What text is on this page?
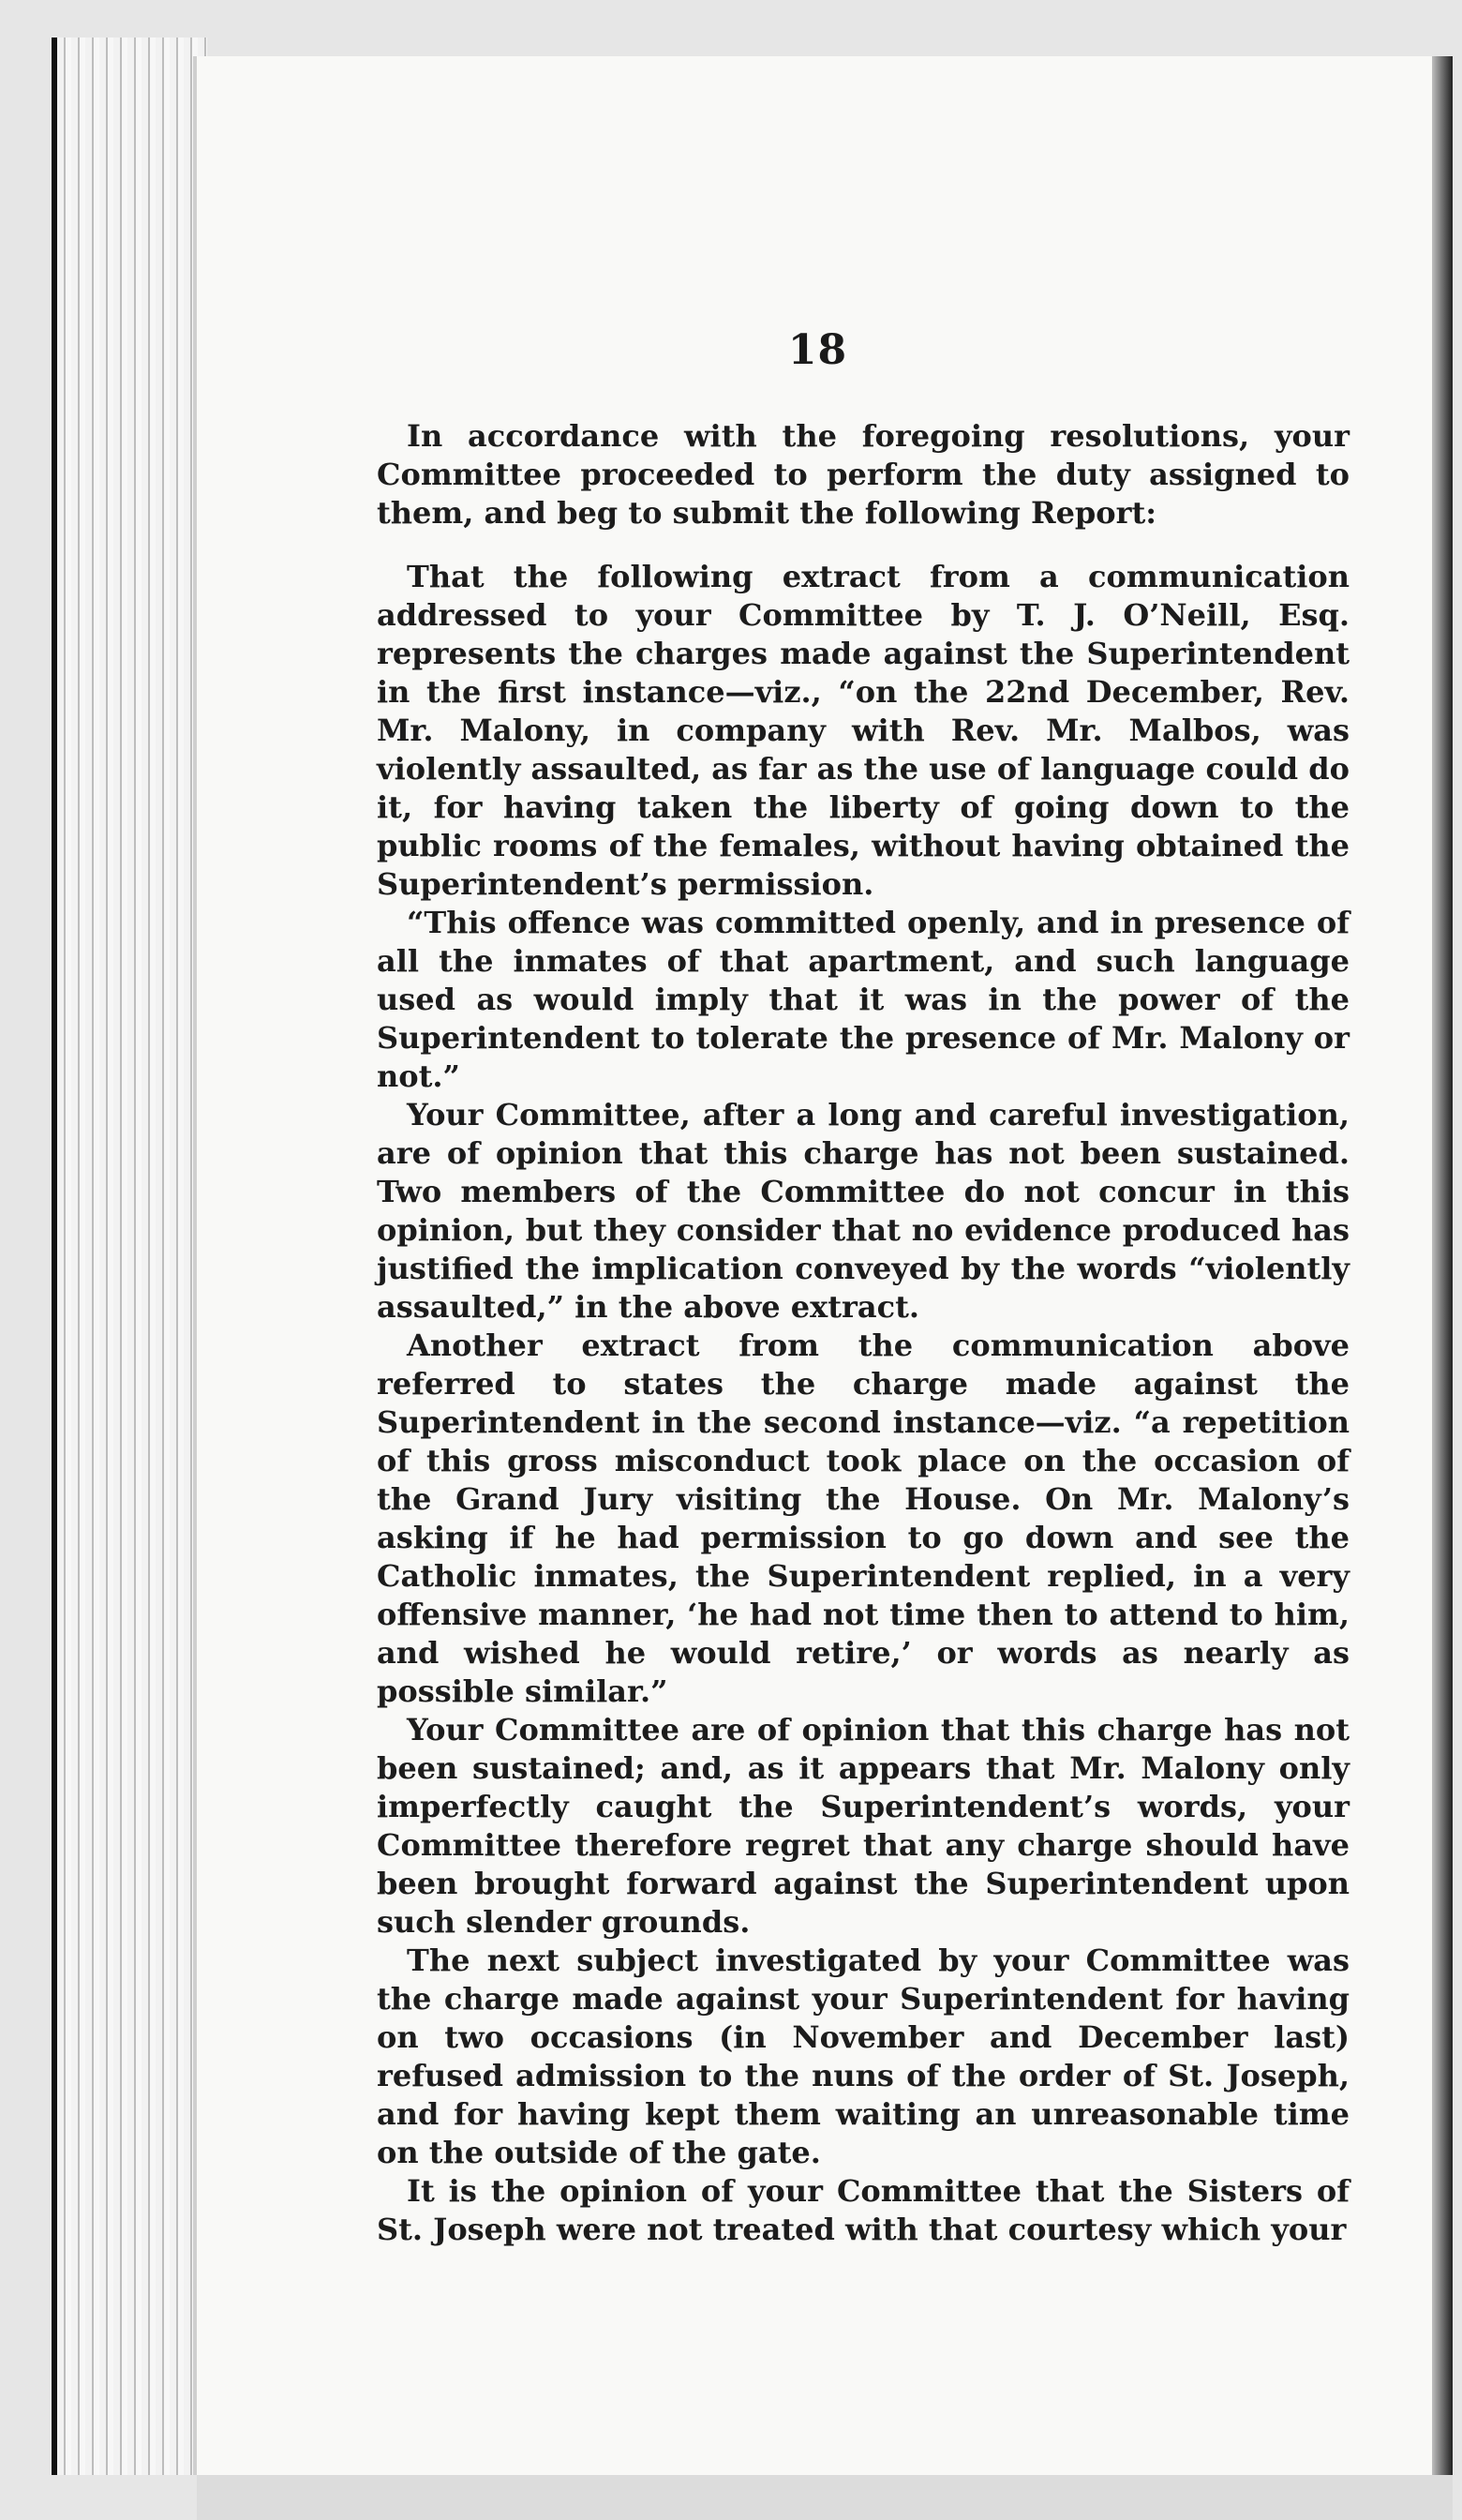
18

In accordance with the foregoing resolutions, your Committee proceeded to perform the duty assigned to them, and beg to submit the following Report:

That the following extract from a communication addressed to your Committee by T. J. O’Neill, Esq. represents the charges made against the Superintendent in the first instance—viz., “on the 22nd December, Rev. Mr. Malony, in company with Rev. Mr. Malbos, was violently assaulted, as far as the use of language could do it, for having taken the liberty of going down to the public rooms of the females, without having obtained the Superintendent’s permission.

“This offence was committed openly, and in presence of all the inmates of that apartment, and such language used as would imply that it was in the power of the Superintendent to tolerate the presence of Mr. Malony or not.”

Your Committee, after a long and careful investigation, are of opinion that this charge has not been sustained. Two members of the Committee do not concur in this opinion, but they consider that no evidence produced has justified the implication conveyed by the words “violently assaulted,” in the above extract.

Another extract from the communication above referred to states the charge made against the Superintendent in the second instance—viz. “a repetition of this gross misconduct took place on the occasion of the Grand Jury visiting the House. On Mr. Malony’s asking if he had permission to go down and see the Catholic inmates, the Superintendent replied, in a very offensive manner, ‘he had not time then to attend to him, and wished he would retire,’ or words as nearly as possible similar.”

Your Committee are of opinion that this charge has not been sustained; and, as it appears that Mr. Malony only imperfectly caught the Superintendent’s words, your Committee therefore regret that any charge should have been brought forward against the Superintendent upon such slender grounds.

The next subject investigated by your Committee was the charge made against your Superintendent for having on two occasions (in November and December last) refused admission to the nuns of the order of St. Joseph, and for having kept them waiting an unreasonable time on the outside of the gate.

It is the opinion of your Committee that the Sisters of St. Joseph were not treated with that courtesy which your
